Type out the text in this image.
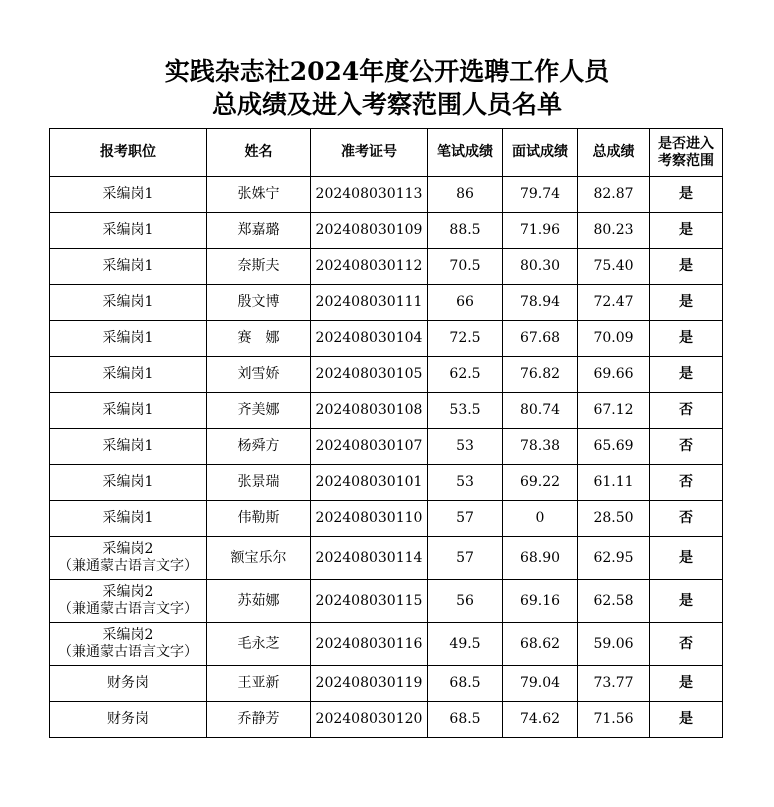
实践杂志社2024年度公开选聘工作人员
总成绩及进入考察范围人员名单
报考职位	姓名	准考证号	笔试成绩	面试成绩	总成绩	是否进入
考察范围

采编岗1	张姝宁	202408030113	86	79.74	82.87	是

采编岗1	郑嘉璐	202408030109	88.5	71.96	80.23	是

采编岗1	奈斯夫	202408030112	70.5	80.30	75.40	是

采编岗1	殷文博	202408030111	66	78.94	72.47	是

采编岗1	赛　娜	202408030104	72.5	67.68	70.09	是

采编岗1	刘雪娇	202408030105	62.5	76.82	69.66	是

采编岗1	齐美娜	202408030108	53.5	80.74	67.12	否

采编岗1	杨舜方	202408030107	53	78.38	65.69	否

采编岗1	张景瑞	202408030101	53	69.22	61.11	否

采编岗1	伟勒斯	202408030110	57	0	28.50	否

采编岗2
（兼通蒙古语言文字）	额宝乐尔	202408030114	57	68.90	62.95	是

采编岗2
（兼通蒙古语言文字）	苏茹娜	202408030115	56	69.16	62.58	是

采编岗2
（兼通蒙古语言文字）	毛永芝	202408030116	49.5	68.62	59.06	否

财务岗	王亚新	202408030119	68.5	79.04	73.77	是

财务岗	乔静芳	202408030120	68.5	74.62	71.56	是
